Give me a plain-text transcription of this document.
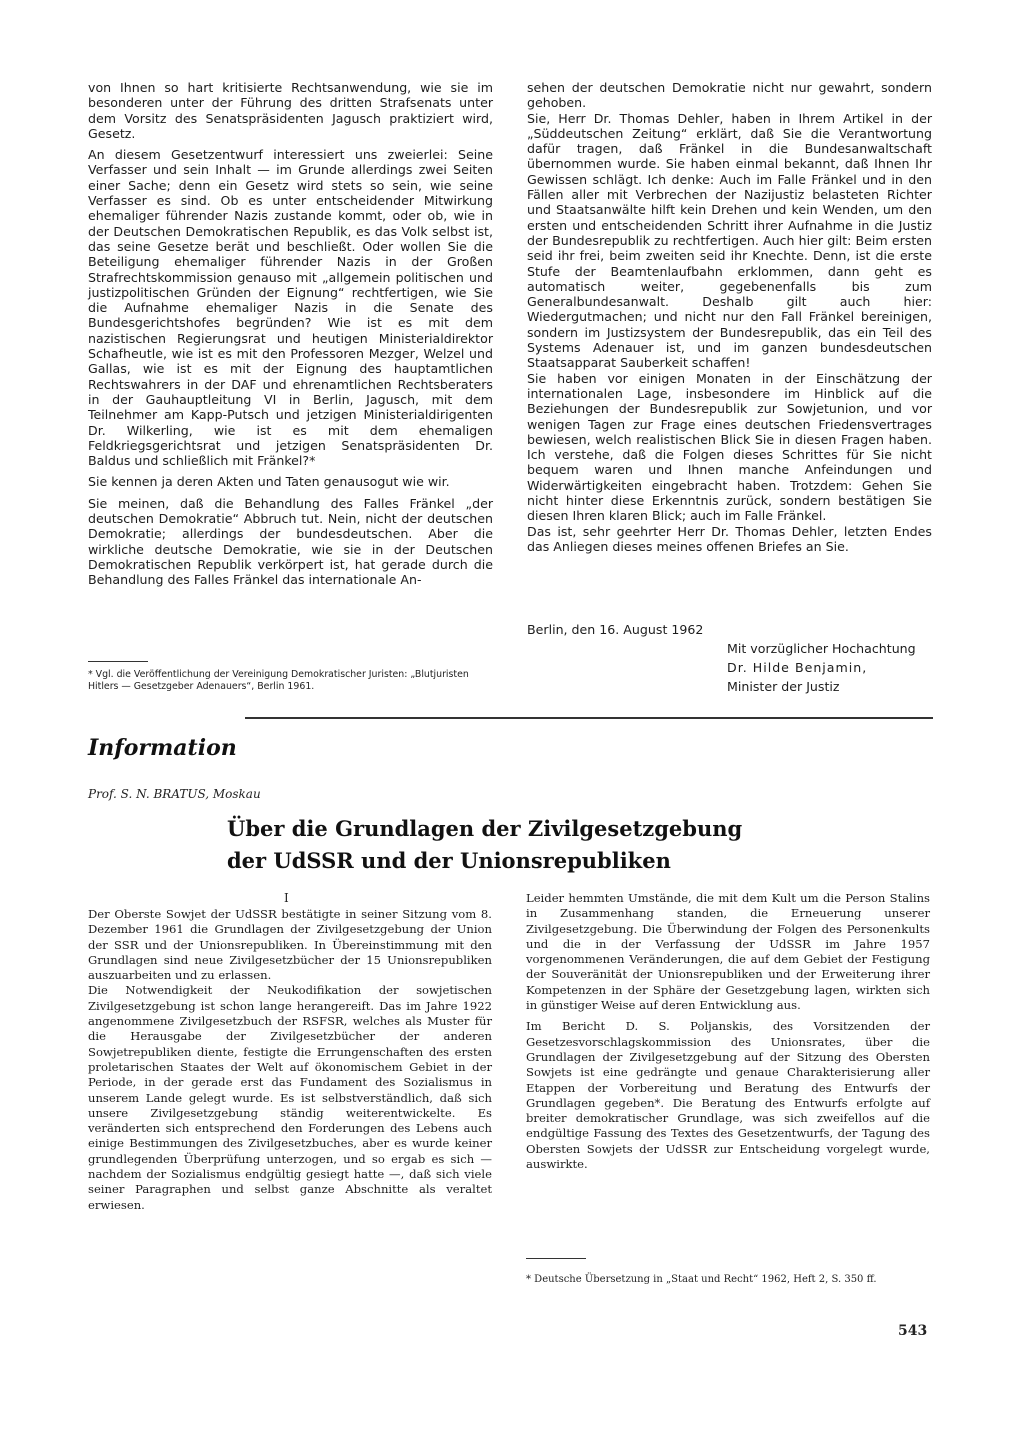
von Ihnen so hart kritisierte Rechtsanwendung, wie sie im besonderen unter der Führung des dritten Strafsenats unter dem Vorsitz des Senatspräsidenten Jagusch praktiziert wird, Gesetz.

An diesem Gesetzentwurf interessiert uns zweierlei: Seine Verfasser und sein Inhalt — im Grunde allerdings zwei Seiten einer Sache; denn ein Gesetz wird stets so sein, wie seine Verfasser es sind. Ob es unter entscheidender Mitwirkung ehemaliger führender Nazis zustande kommt, oder ob, wie in der Deutschen Demokratischen Republik, es das Volk selbst ist, das seine Gesetze berät und beschließt. Oder wollen Sie die Beteiligung ehemaliger führender Nazis in der Großen Strafrechtskommission genauso mit „allgemein politischen und justizpolitischen Gründen der Eignung“ rechtfertigen, wie Sie die Aufnahme ehemaliger Nazis in die Senate des Bundesgerichtshofes begründen? Wie ist es mit dem nazistischen Regierungsrat und heutigen Ministerialdirektor Schafheutle, wie ist es mit den Professoren Mezger, Welzel und Gallas, wie ist es mit der Eignung des hauptamtlichen Rechtswahrers in der DAF und ehrenamtlichen Rechtsberaters in der Gauhauptleitung VI in Berlin, Jagusch, mit dem Teilnehmer am Kapp-Putsch und jetzigen Ministerialdirigenten Dr. Wilkerling, wie ist es mit dem ehemaligen Feldkriegsgerichtsrat und jetzigen Senatspräsidenten Dr. Baldus und schließlich mit Fränkel?*

Sie kennen ja deren Akten und Taten genausogut wie wir.

Sie meinen, daß die Behandlung des Falles Fränkel „der deutschen Demokratie“ Abbruch tut. Nein, nicht der deutschen Demokratie; allerdings der bundesdeutschen. Aber die wirkliche deutsche Demokratie, wie sie in der Deutschen Demokratischen Republik verkörpert ist, hat gerade durch die Behandlung des Falles Fränkel das internationale An-

* Vgl. die Veröffentlichung der Vereinigung Demokratischer Juristen: „Blutjuristen Hitlers — Gesetzgeber Adenauers“, Berlin 1961.

sehen der deutschen Demokratie nicht nur gewahrt, sondern gehoben.

Sie, Herr Dr. Thomas Dehler, haben in Ihrem Artikel in der „Süddeutschen Zeitung“ erklärt, daß Sie die Verantwortung dafür tragen, daß Fränkel in die Bundesanwaltschaft übernommen wurde. Sie haben einmal bekannt, daß Ihnen Ihr Gewissen schlägt. Ich denke: Auch im Falle Fränkel und in den Fällen aller mit Verbrechen der Nazijustiz belasteten Richter und Staatsanwälte hilft kein Drehen und kein Wenden, um den ersten und entscheidenden Schritt ihrer Aufnahme in die Justiz der Bundesrepublik zu rechtfertigen. Auch hier gilt: Beim ersten seid ihr frei, beim zweiten seid ihr Knechte. Denn, ist die erste Stufe der Beamtenlaufbahn erklommen, dann geht es automatisch weiter, gegebenenfalls bis zum Generalbundesanwalt. Deshalb gilt auch hier: Wiedergutmachen; und nicht nur den Fall Fränkel bereinigen, sondern im Justizsystem der Bundesrepublik, das ein Teil des Systems Adenauer ist, und im ganzen bundesdeutschen Staatsapparat Sauberkeit schaffen!

Sie haben vor einigen Monaten in der Einschätzung der internationalen Lage, insbesondere im Hinblick auf die Beziehungen der Bundesrepublik zur Sowjetunion, und vor wenigen Tagen zur Frage eines deutschen Friedensvertrages bewiesen, welch realistischen Blick Sie in diesen Fragen haben. Ich verstehe, daß die Folgen dieses Schrittes für Sie nicht bequem waren und Ihnen manche Anfeindungen und Widerwärtigkeiten eingebracht haben. Trotzdem: Gehen Sie nicht hinter diese Erkenntnis zurück, sondern bestätigen Sie diesen Ihren klaren Blick; auch im Falle Fränkel.

Das ist, sehr geehrter Herr Dr. Thomas Dehler, letzten Endes das Anliegen dieses meines offenen Briefes an Sie.

Berlin, den 16. August 1962
Mit vorzüglicher Hochachtung
Dr. Hilde Benjamin,
Minister der Justiz
Information
Prof. S. N. BRATUS, Moskau
Über die Grundlagen der Zivilgesetzgebung
der UdSSR und der Unionsrepubliken
I

Der Oberste Sowjet der UdSSR bestätigte in seiner Sitzung vom 8. Dezember 1961 die Grundlagen der Zivilgesetzgebung der Union der SSR und der Unionsrepubliken. In Übereinstimmung mit den Grundlagen sind neue Zivilgesetzbücher der 15 Unionsrepubliken auszuarbeiten und zu erlassen.

Die Notwendigkeit der Neukodifikation der sowjetischen Zivilgesetzgebung ist schon lange herangereift. Das im Jahre 1922 angenommene Zivilgesetzbuch der RSFSR, welches als Muster für die Herausgabe der Zivilgesetzbücher der anderen Sowjetrepubliken diente, festigte die Errungenschaften des ersten proletarischen Staates der Welt auf ökonomischem Gebiet in der Periode, in der gerade erst das Fundament des Sozialismus in unserem Lande gelegt wurde. Es ist selbstverständlich, daß sich unsere Zivilgesetzgebung ständig weiterentwickelte. Es veränderten sich entsprechend den Forderungen des Lebens auch einige Bestimmungen des Zivilgesetzbuches, aber es wurde keiner grundlegenden Überprüfung unterzogen, und so ergab es sich — nachdem der Sozialismus endgültig gesiegt hatte —, daß sich viele seiner Paragraphen und selbst ganze Abschnitte als veraltet erwiesen.

Leider hemmten Umstände, die mit dem Kult um die Person Stalins in Zusammenhang standen, die Erneuerung unserer Zivilgesetzgebung. Die Überwindung der Folgen des Personenkults und die in der Verfassung der UdSSR im Jahre 1957 vorgenommenen Veränderungen, die auf dem Gebiet der Festigung der Souveränität der Unionsrepubliken und der Erweiterung ihrer Kompetenzen in der Sphäre der Gesetzgebung lagen, wirkten sich in günstiger Weise auf deren Entwicklung aus.

Im Bericht D. S. Poljanskis, des Vorsitzenden der Gesetzesvorschlagskommission des Unionsrates, über die Grundlagen der Zivilgesetzgebung auf der Sitzung des Obersten Sowjets ist eine gedrängte und genaue Charakterisierung aller Etappen der Vorbereitung und Beratung des Entwurfs der Grundlagen gegeben*. Die Beratung des Entwurfs erfolgte auf breiter demokratischer Grundlage, was sich zweifellos auf die endgültige Fassung des Textes des Gesetzentwurfs, der Tagung des Obersten Sowjets der UdSSR zur Entscheidung vorgelegt wurde, auswirkte.

* Deutsche Übersetzung in „Staat und Recht“ 1962, Heft 2, S. 350 ff.
543
